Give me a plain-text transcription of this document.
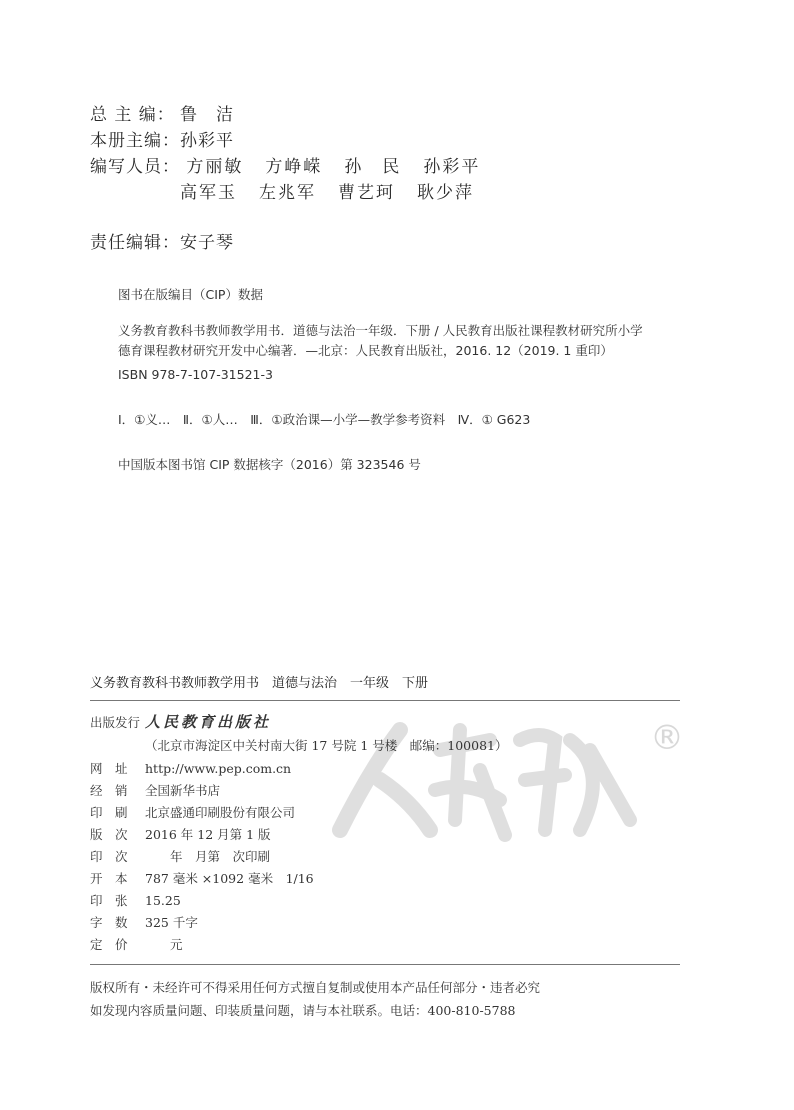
总 主 编： 鲁　洁
本册主编：孙彩平
编写人员： 方丽敏 方峥嵘 孙　民 孙彩平
高军玉 左兆军 曹艺珂 耿少萍
责任编辑：安子琴
图书在版编目（CIP）数据
义务教育教科书教师教学用书．道德与法治一年级．下册 / 人民教育出版社课程教材研究所小学德育课程教材研究开发中心编著．—北京：人民教育出版社，2016. 12（2019. 1 重印）
ISBN 978-7-107-31521-3
Ⅰ．①义…　Ⅱ．①人…　Ⅲ．①政治课—小学—教学参考资料　Ⅳ．① G623
中国版本图书馆 CIP 数据核字（2016）第 323546 号
义务教育教科书教师教学用书　道德与法治　一年级　下册
®
出版发行 人民教育出版社
（北京市海淀区中关村南大街 17 号院 1 号楼　邮编：100081）
网　址 http://www.pep.com.cn
经　销 全国新华书店
印　刷 北京盛通印刷股份有限公司
版　次 2016 年 12 月第 1 版
印　次　　年　月第　次印刷
开　本 787 毫米 ×1092 毫米　1/16
印　张 15.25
字　数 325 千字
定　价　　元
版权所有・未经许可不得采用任何方式擅自复制或使用本产品任何部分・违者必究
如发现内容质量问题、印装质量问题，请与本社联系。电话：400-810-5788
